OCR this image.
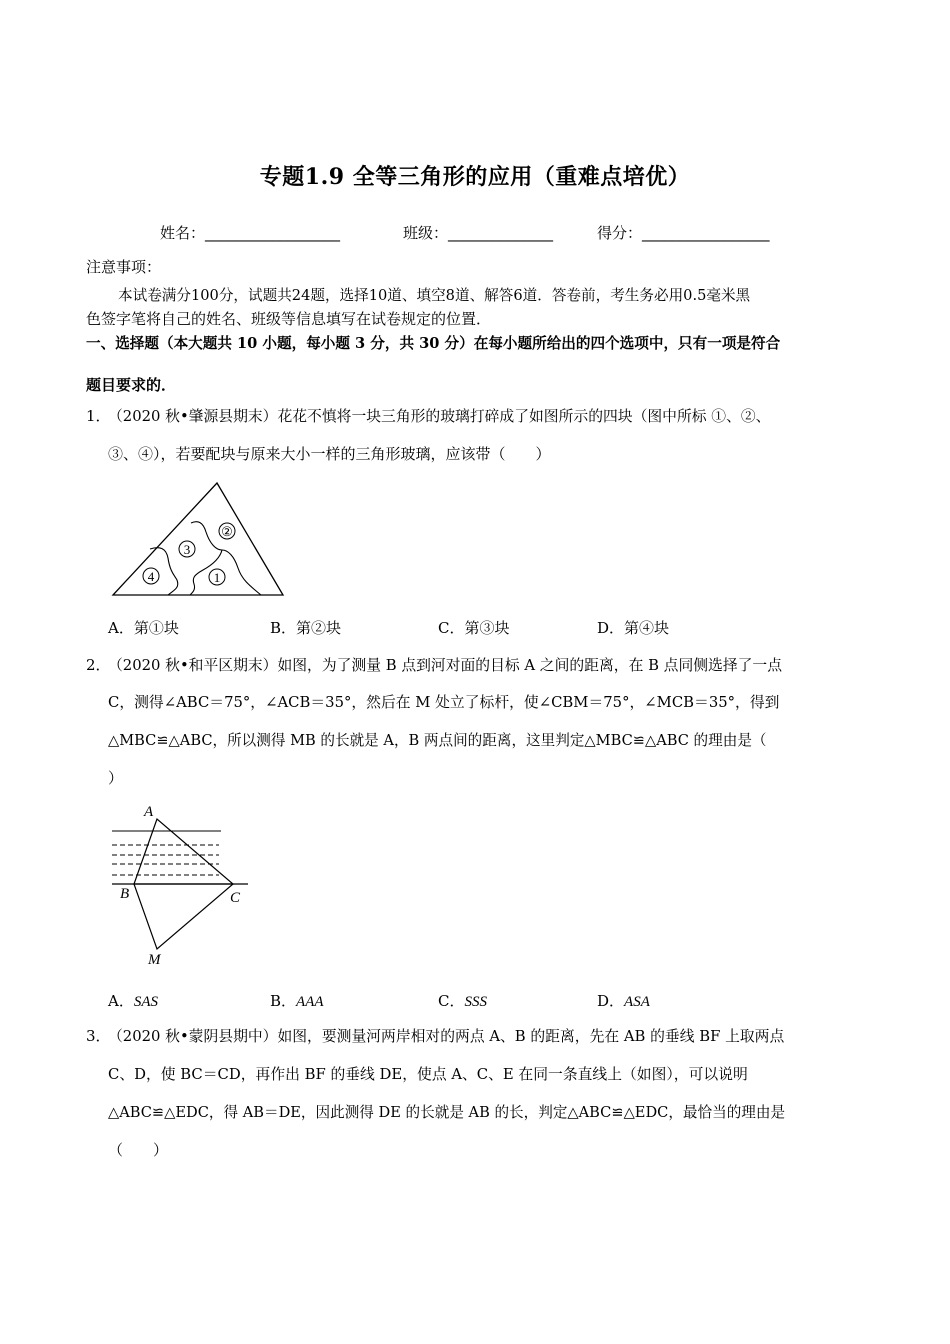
专题1.9 全等三角形的应用（重难点培优）
姓名：__________________	班级：______________	得分：_________________
注意事项：
本试卷满分100分，试题共24题，选择10道、填空8道、解答6道．答卷前，考生务必用0.5毫米黑
色签字笔将自己的姓名、班级等信息填写在试卷规定的位置．
一、选择题（本大题共 10 小题，每小题 3 分，共 30 分）在每小题所给出的四个选项中，只有一项是符合
题目要求的．
1．
（2020 秋•肇源县期末）花花不慎将一块三角形的玻璃打碎成了如图所示的四块（图中所标 ①、②、
③、④），若要配块与原来大小一样的三角形玻璃，应该带（　　）
②
3
4	1
A．第①块	B．第②块	C．第③块	D．第④块
2．
（2020 秋•和平区期末）如图，为了测量 B 点到河对面的目标 A 之间的距离，在 B 点同侧选择了一点
C，测得∠ABC＝75°，∠ACB＝35°，然后在 M 处立了标杆，使∠CBM＝75°，∠MCB＝35°，得到
△MBC≌△ABC，所以测得 MB 的长就是 A，B 两点间的距离，这里判定△MBC≌△ABC 的理由是（
）
A
B	C
M
A．SAS	B．AAA	C．SSS	D．ASA
3．
（2020 秋•蒙阴县期中）如图，要测量河两岸相对的两点 A、B 的距离，先在 AB 的垂线 BF 上取两点
C、D，使 BC＝CD，再作出 BF 的垂线 DE，使点 A、C、E 在同一条直线上（如图），可以说明
△ABC≌△EDC，得 AB＝DE，因此测得 DE 的长就是 AB 的长，判定△ABC≌△EDC，最恰当的理由是
（　　）
